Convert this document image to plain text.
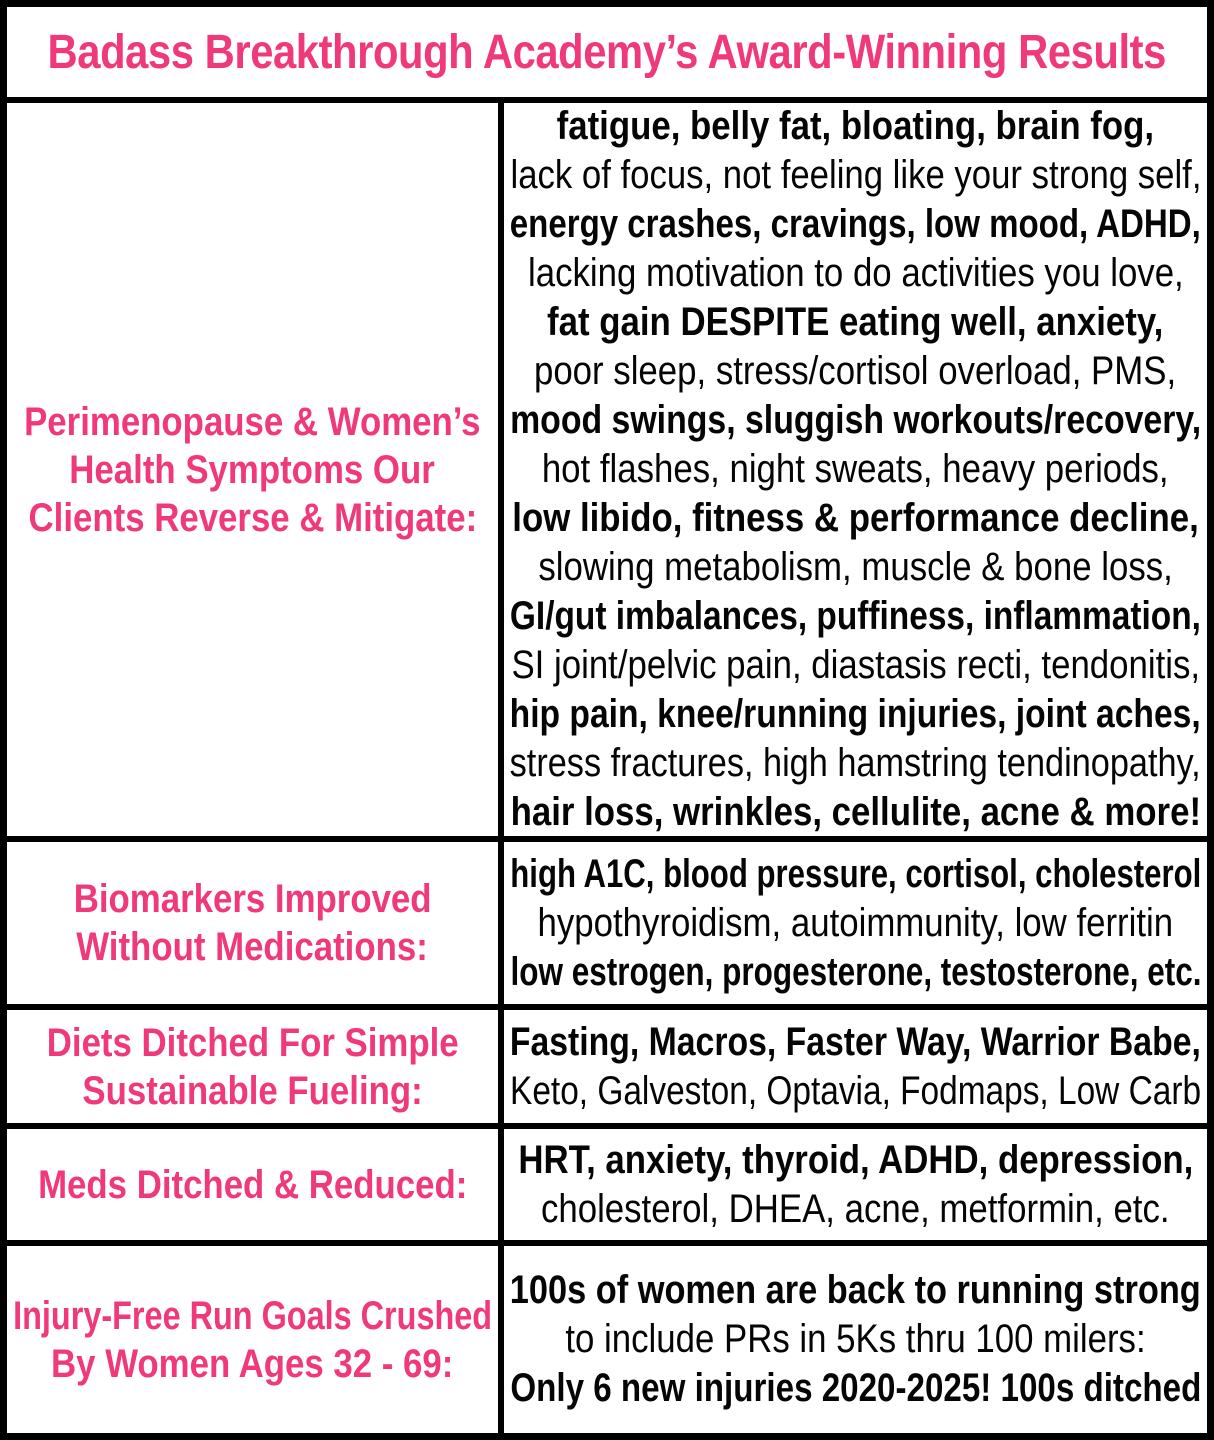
Badass Breakthrough Academy’s Award-Winning Results
Perimenopause & Women’s
Health Symptoms Our
Clients Reverse & Mitigate:
fatigue, belly fat, bloating, brain fog,
lack of focus, not feeling like your strong self,
energy crashes, cravings, low mood, ADHD,
lacking motivation to do activities you love,
fat gain DESPITE eating well, anxiety,
poor sleep, stress/cortisol overload, PMS,
mood swings, sluggish workouts/recovery,
hot flashes, night sweats, heavy periods,
low libido, fitness & performance decline,
slowing metabolism, muscle & bone loss,
GI/gut imbalances, puffiness, inflammation,
SI joint/pelvic pain, diastasis recti, tendonitis,
hip pain, knee/running injuries, joint aches,
stress fractures, high hamstring tendinopathy,
hair loss, wrinkles, cellulite, acne & more!
Biomarkers Improved
Without Medications:
high A1C, blood pressure, cortisol, cholesterol
hypothyroidism, autoimmunity, low ferritin
low estrogen, progesterone, testosterone, etc.
Diets Ditched For Simple
Sustainable Fueling:
Fasting, Macros, Faster Way, Warrior Babe,
Keto, Galveston, Optavia, Fodmaps, Low Carb
Meds Ditched & Reduced:
HRT, anxiety, thyroid, ADHD, depression,
cholesterol, DHEA, acne, metformin, etc.
Injury-Free Run Goals Crushed
By Women Ages 32 - 69:
100s of women are back to running strong
to include PRs in 5Ks thru 100 milers:
Only 6 new injuries 2020-2025! 100s ditched
